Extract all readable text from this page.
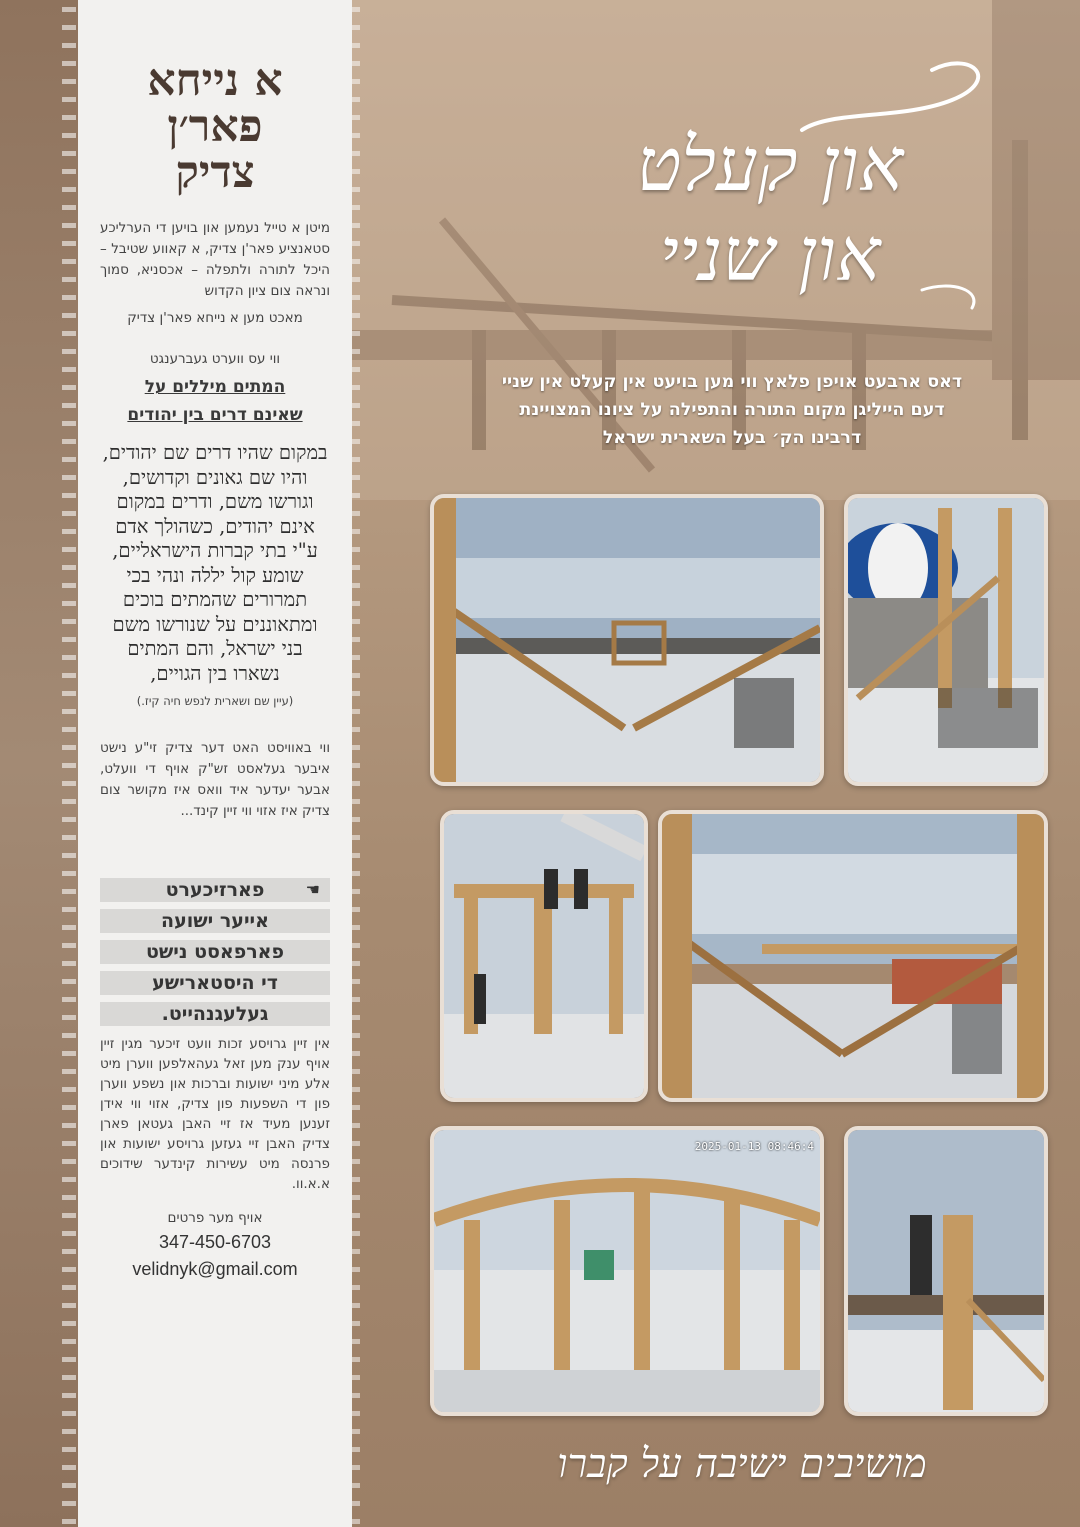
א נייחא
פאר׳ן
צדיק
מיטן א טייל נעמען און בויען די הערליכע סטאנציע פאר'ן צדיק, א קאווע שטיבל – היכל לתורה ולתפלה – אכסניא, סמוך ונראה צום ציון הקדוש
מאכט מען א נייחא פאר'ן צדיק
ווי עס ווערט געברענגט
המתים מיללים על
שאינם דרים בין יהודים
במקום שהיו דרים שם יהודים, והיו שם גאונים וקדושים, וגורשו משם, ודרים במקום אינם יהודים, כשהולך אדם ע"י בתי קברות הישראליים, שומע קול יללה ונהי בכי תמרורים שהמתים בוכים ומתאוננים על שנורשו משם בני ישראל, והם המתים נשארו בין הגויים,
(עיין שם ושארית לנפש חיה קיז.)
ווי באוויסט האט דער צדיק זי"ע נישט איבער געלאסט זש"ק אויף די וועלט, אבער יעדער איד וואס איז מקושר צום צדיק איז אזוי ווי זיין קינד...
פארזיכערט	☚
אייער ישועה
פארפאסט נישט
די היסטארישע
געלעגנהייט.
אין זיין גרויסע זכות וועט זיכער מגין זיין אויף ענק מען זאל געהאלפען ווערן מיט אלע מיני ישועות וברכות און נשפע ווערן פון די השפעות פון צדיק, אזוי ווי אידן זענען מעיד אז זיי האבן געטאן פארן צדיק האבן זיי געזען גרויסע ישועות און פרנסה מיט עשירות קינדער שידוכים א.א.וו.
אויף מער פרטים
347-450-6703
velidnyk@gmail.com
און קעלט
און שניי
דאס ארבעט אויפן פלאץ ווי מען בויעט אין קעלט אין שניי
דעם הייליגן מקום התורה והתפילה על ציונו המצויינת
דרבינו הק׳ בעל השארית ישראל
2025-01-13 08:46:4
מושיבים ישיבה על קברו
